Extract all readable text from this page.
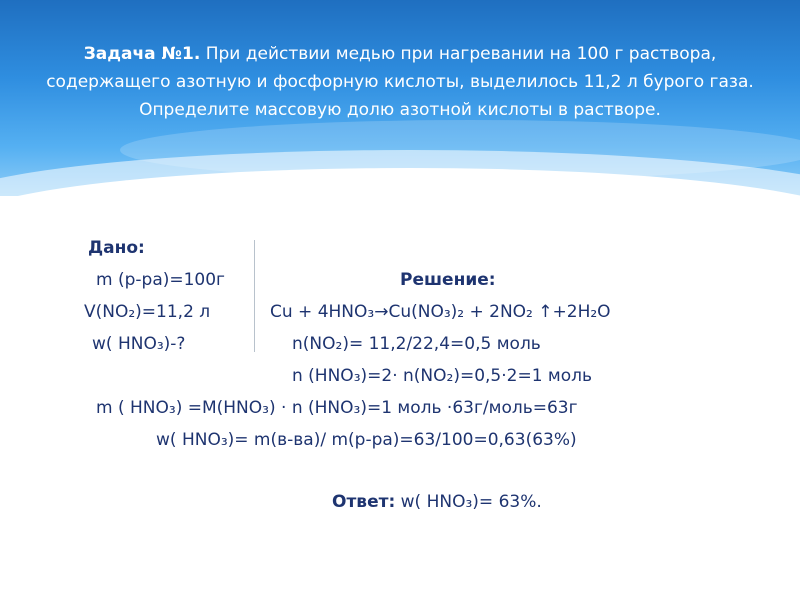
Задача №1. При действии медью при нагревании на 100 г раствора, содержащего азотную и фосфорную кислоты, выделилось 11,2 л бурого газа. Определите массовую долю азотной кислоты в растворе.
Дано:
m (р-ра)=100г
V(NO₂)=11,2 л
w( HNO₃)-?
Решение:
Cu + 4HNO₃→Cu(NO₃)₂ + 2NO₂ ↑+2H₂O
n(NO₂)= 11,2/22,4=0,5 моль
n (HNO₃)=2· n(NO₂)=0,5·2=1 моль
m ( HNO₃) =M(HNO₃) · n (HNO₃)=1 моль ·63г/моль=63г
w( HNO₃)= m(в-ва)/ m(р-ра)=63/100=0,63(63%)
Ответ: w( HNO₃)= 63%.
